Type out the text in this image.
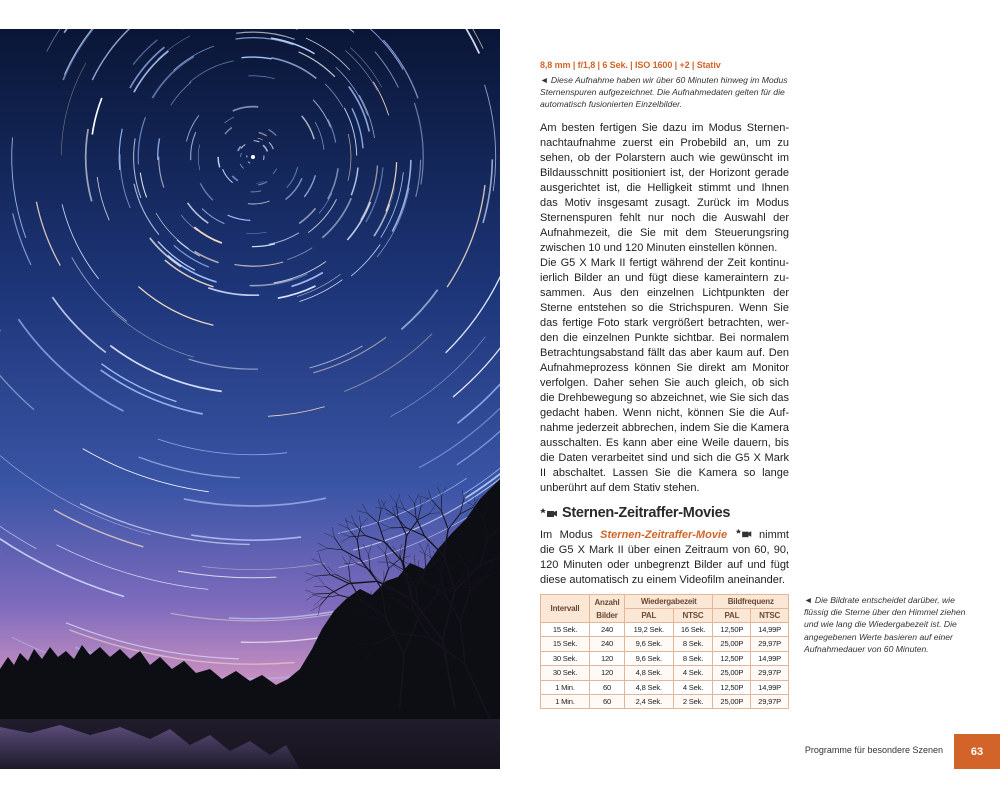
8,8 mm | f/1,8 | 6 Sek. | ISO 1600 | +2 | Stativ
◄ Diese Aufnahme haben wir über 60 Minuten hinweg im Modus Sternenspuren aufgezeichnet. Die Aufnahmedaten gelten für die automatisch fusionierten Einzelbilder.
Am besten fertigen Sie dazu im Modus Sternennachtaufnahme zuerst ein Probebild an, um zu sehen, ob der Polarstern auch wie gewünscht im Bildausschnitt positioniert ist, der Horizont gerade ausgerichtet ist, die Helligkeit stimmt und Ihnen das Motiv insgesamt zusagt. Zurück im Modus Sternenspuren fehlt nur noch die Auswahl der Aufnahmezeit, die Sie mit dem Steuerungsring zwischen 10 und 120 Minuten einstellen können.
Die G5 X Mark II fertigt während der Zeit kontinuierlich Bilder an und fügt diese kameraintern zusammen. Aus den einzelnen Lichtpunkten der Sterne entstehen so die Strichspuren. Wenn Sie das fertige Foto stark vergrößert betrachten, werden die einzelnen Punkte sichtbar. Bei normalem Betrachtungsabstand fällt das aber kaum auf. Den Aufnahmeprozess können Sie direkt am Monitor verfolgen. Daher sehen Sie auch gleich, ob sich die Drehbewegung so abzeichnet, wie Sie sich das gedacht haben. Wenn nicht, können Sie die Aufnahme jederzeit abbrechen, indem Sie die Kamera ausschalten. Es kann aber eine Weile dauern, bis die Daten verarbeitet sind und sich die G5 X Mark II abschaltet. Lassen Sie die Kamera so lange unberührt auf dem Stativ stehen.
Sternen-Zeitraffer-Movies
Im Modus Sternen-Zeitraffer-Movie	nimmt die G5 X Mark II über einen Zeitraum von 60, 90, 120 Minuten oder unbegrenzt Bilder auf und fügt diese automatisch zu einem Videofilm aneinander.
Intervall	Anzahl Bilder	Wiedergabezeit		Bildfrequenz	
		PAL	NTSC	PAL	NTSC
15 Sek.	240	19,2 Sek.	16 Sek.	12,50P	14,99P
15 Sek.	240	9,6 Sek.	8 Sek.	25,00P	29,97P
30 Sek.	120	9,6 Sek.	8 Sek.	12,50P	14,99P
30 Sek.	120	4,8 Sek.	4 Sek.	25,00P	29,97P
1 Min.	60	4,8 Sek.	4 Sek.	12,50P	14,99P
1 Min.	60	2,4 Sek.	2 Sek.	25,00P	29,97P
◄ Die Bildrate entscheidet darüber, wie flüssig die Sterne über den Himmel ziehen und wie lang die Wiedergabezeit ist. Die angegebenen Werte basieren auf einer Aufnahmedauer von 60 Minuten.
Programme für besondere Szenen	63
